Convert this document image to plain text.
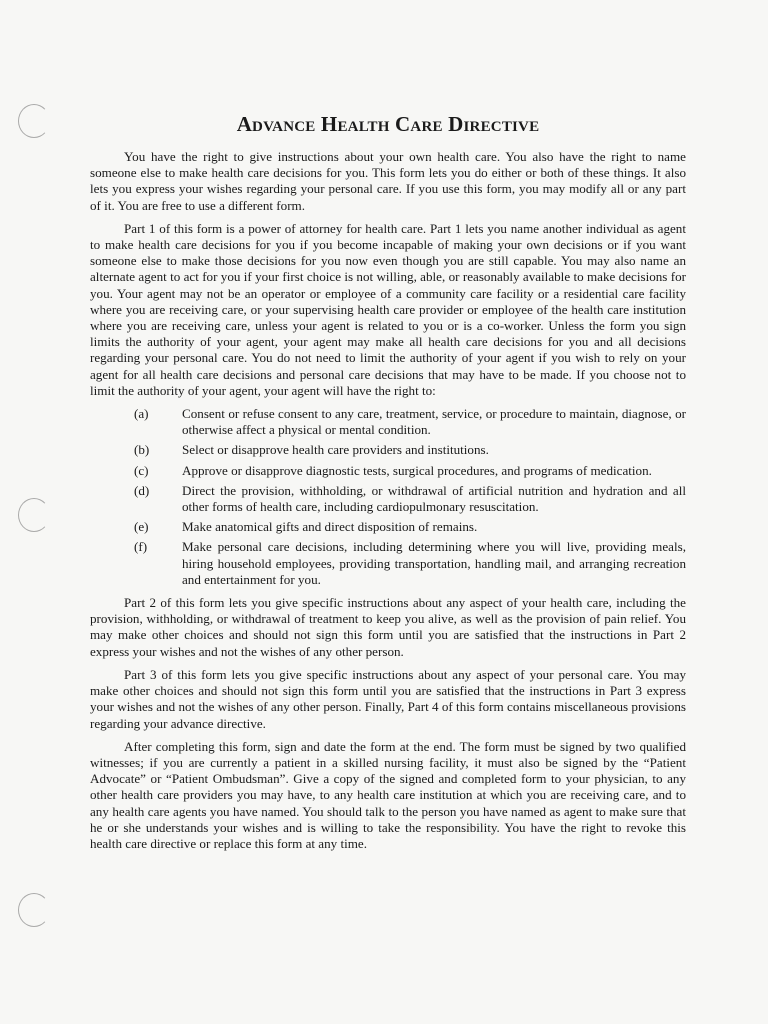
Advance Health Care Directive

You have the right to give instructions about your own health care. You also have the right to name someone else to make health care decisions for you. This form lets you do either or both of these things. It also lets you express your wishes regarding your personal care. If you use this form, you may modify all or any part of it. You are free to use a different form.

Part 1 of this form is a power of attorney for health care. Part 1 lets you name another individual as agent to make health care decisions for you if you become incapable of making your own decisions or if you want someone else to make those decisions for you now even though you are still capable. You may also name an alternate agent to act for you if your first choice is not willing, able, or reasonably available to make decisions for you. Your agent may not be an operator or employee of a community care facility or a residential care facility where you are receiving care, or your supervising health care provider or employee of the health care institution where you are receiving care, unless your agent is related to you or is a co-worker. Unless the form you sign limits the authority of your agent, your agent may make all health care decisions for you and all decisions regarding your personal care. You do not need to limit the authority of your agent if you wish to rely on your agent for all health care decisions and personal care decisions that may have to be made. If you choose not to limit the authority of your agent, your agent will have the right to:

(a)	Consent or refuse consent to any care, treatment, service, or procedure to maintain, diagnose, or otherwise affect a physical or mental condition.
(b)	Select or disapprove health care providers and institutions.
(c)	Approve or disapprove diagnostic tests, surgical procedures, and programs of medication.
(d)	Direct the provision, withholding, or withdrawal of artificial nutrition and hydration and all other forms of health care, including cardiopulmonary resuscitation.
(e)	Make anatomical gifts and direct disposition of remains.
(f)	Make personal care decisions, including determining where you will live, providing meals, hiring household employees, providing transportation, handling mail, and arranging recreation and entertainment for you.

Part 2 of this form lets you give specific instructions about any aspect of your health care, including the provision, withholding, or withdrawal of treatment to keep you alive, as well as the provision of pain relief. You may make other choices and should not sign this form until you are satisfied that the instructions in Part 2 express your wishes and not the wishes of any other person.

Part 3 of this form lets you give specific instructions about any aspect of your personal care. You may make other choices and should not sign this form until you are satisfied that the instructions in Part 3 express your wishes and not the wishes of any other person. Finally, Part 4 of this form contains miscellaneous provisions regarding your advance directive.

After completing this form, sign and date the form at the end. The form must be signed by two qualified witnesses; if you are currently a patient in a skilled nursing facility, it must also be signed by the “Patient Advocate” or “Patient Ombudsman”. Give a copy of the signed and completed form to your physician, to any other health care providers you may have, to any health care institution at which you are receiving care, and to any health care agents you have named. You should talk to the person you have named as agent to make sure that he or she understands your wishes and is willing to take the responsibility. You have the right to revoke this health care directive or replace this form at any time.
